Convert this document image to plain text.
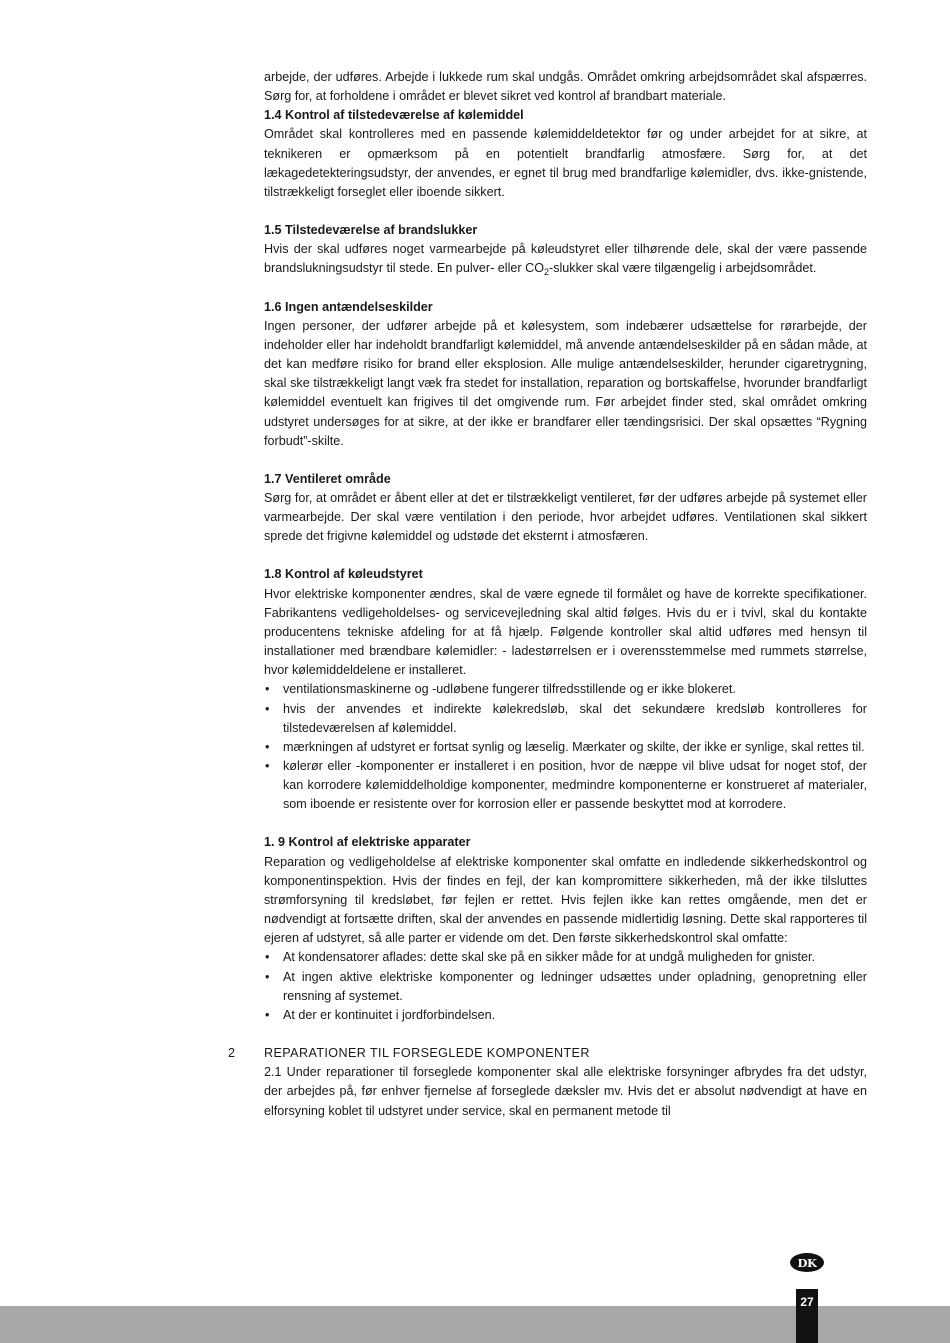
arbejde, der udføres. Arbejde i lukkede rum skal undgås. Området omkring arbejdsområdet skal afspærres. Sørg for, at forholdene i området er blevet sikret ved kontrol af brandbart materiale.

1.4 Kontrol af tilstedeværelse af kølemiddel

Området skal kontrolleres med en passende kølemiddeldetektor før og under arbejdet for at sikre, at teknikeren er opmærksom på en potentielt brandfarlig atmosfære. Sørg for, at det lækagedetekteringsudstyr, der anvendes, er egnet til brug med brandfarlige kølemidler, dvs. ikke-gnistende, tilstrækkeligt forseglet eller iboende sikkert.

1.5 Tilstedeværelse af brandslukker

Hvis der skal udføres noget varmearbejde på køleudstyret eller tilhørende dele, skal der være passende brandslukningsudstyr til stede. En pulver- eller $CO_2$-slukker skal være tilgængelig i arbejdsområdet.

1.6 Ingen antændelseskilder

Ingen personer, der udfører arbejde på et kølesystem, som indebærer udsættelse for rørarbejde, der indeholder eller har indeholdt brandfarligt kølemiddel, må anvende antændelseskilder på en sådan måde, at det kan medføre risiko for brand eller eksplosion. Alle mulige antændelseskilder, herunder cigaretrygning, skal ske tilstrækkeligt langt væk fra stedet for installation, reparation og bortskaffelse, hvorunder brandfarligt kølemiddel eventuelt kan frigives til det omgivende rum. Før arbejdet finder sted, skal området omkring udstyret undersøges for at sikre, at der ikke er brandfarer eller tændingsrisici. Der skal opsættes “Rygning forbudt”-skilte.

1.7 Ventileret område

Sørg for, at området er åbent eller at det er tilstrækkeligt ventileret, før der udføres arbejde på systemet eller varmearbejde. Der skal være ventilation i den periode, hvor arbejdet udføres. Ventilationen skal sikkert sprede det frigivne kølemiddel og udstøde det eksternt i atmosfæren.

1.8 Kontrol af køleudstyret

Hvor elektriske komponenter ændres, skal de være egnede til formålet og have de korrekte specifikationer. Fabrikantens vedligeholdelses- og servicevejledning skal altid følges. Hvis du er i tvivl, skal du kontakte producentens tekniske afdeling for at få hjælp. Følgende kontroller skal altid udføres med hensyn til installationer med brændbare kølemidler: - ladestørrelsen er i overensstemmelse med rummets størrelse, hvor kølemiddeldelene er installeret.

• ventilationsmaskinerne og -udløbene fungerer tilfredsstillende og er ikke blokeret.
• hvis der anvendes et indirekte kølekredsløb, skal det sekundære kredsløb kontrolleres for tilstedeværelsen af kølemiddel.
• mærkningen af udstyret er fortsat synlig og læselig. Mærkater og skilte, der ikke er synlige, skal rettes til.
• kølerør eller -komponenter er installeret i en position, hvor de næppe vil blive udsat for noget stof, der kan korrodere kølemiddelholdige komponenter, medmindre komponenterne er konstrueret af materialer, som iboende er resistente over for korrosion eller er passende beskyttet mod at korrodere.

1. 9 Kontrol af elektriske apparater

Reparation og vedligeholdelse af elektriske komponenter skal omfatte en indledende sikkerhedskontrol og komponentinspektion. Hvis der findes en fejl, der kan kompromittere sikkerheden, må der ikke tilsluttes strømforsyning til kredsløbet, før fejlen er rettet. Hvis fejlen ikke kan rettes omgående, men det er nødvendigt at fortsætte driften, skal der anvendes en passende midlertidig løsning. Dette skal rapporteres til ejeren af udstyret, så alle parter er vidende om det. Den første sikkerhedskontrol skal omfatte:

• At kondensatorer aflades: dette skal ske på en sikker måde for at undgå muligheden for gnister.
• At ingen aktive elektriske komponenter og ledninger udsættes under opladning, genopretning eller rensning af systemet.
• At der er kontinuitet i jordforbindelsen.
2 REPARATIONER TIL FORSEGLEDE KOMPONENTER

2.1 Under reparationer til forseglede komponenter skal alle elektriske forsyninger afbrydes fra det udstyr, der arbejdes på, før enhver fjernelse af forseglede dæksler mv. Hvis det er absolut nødvendigt at have en elforsyning koblet til udstyret under service, skal en permanent metode til

DK
27
